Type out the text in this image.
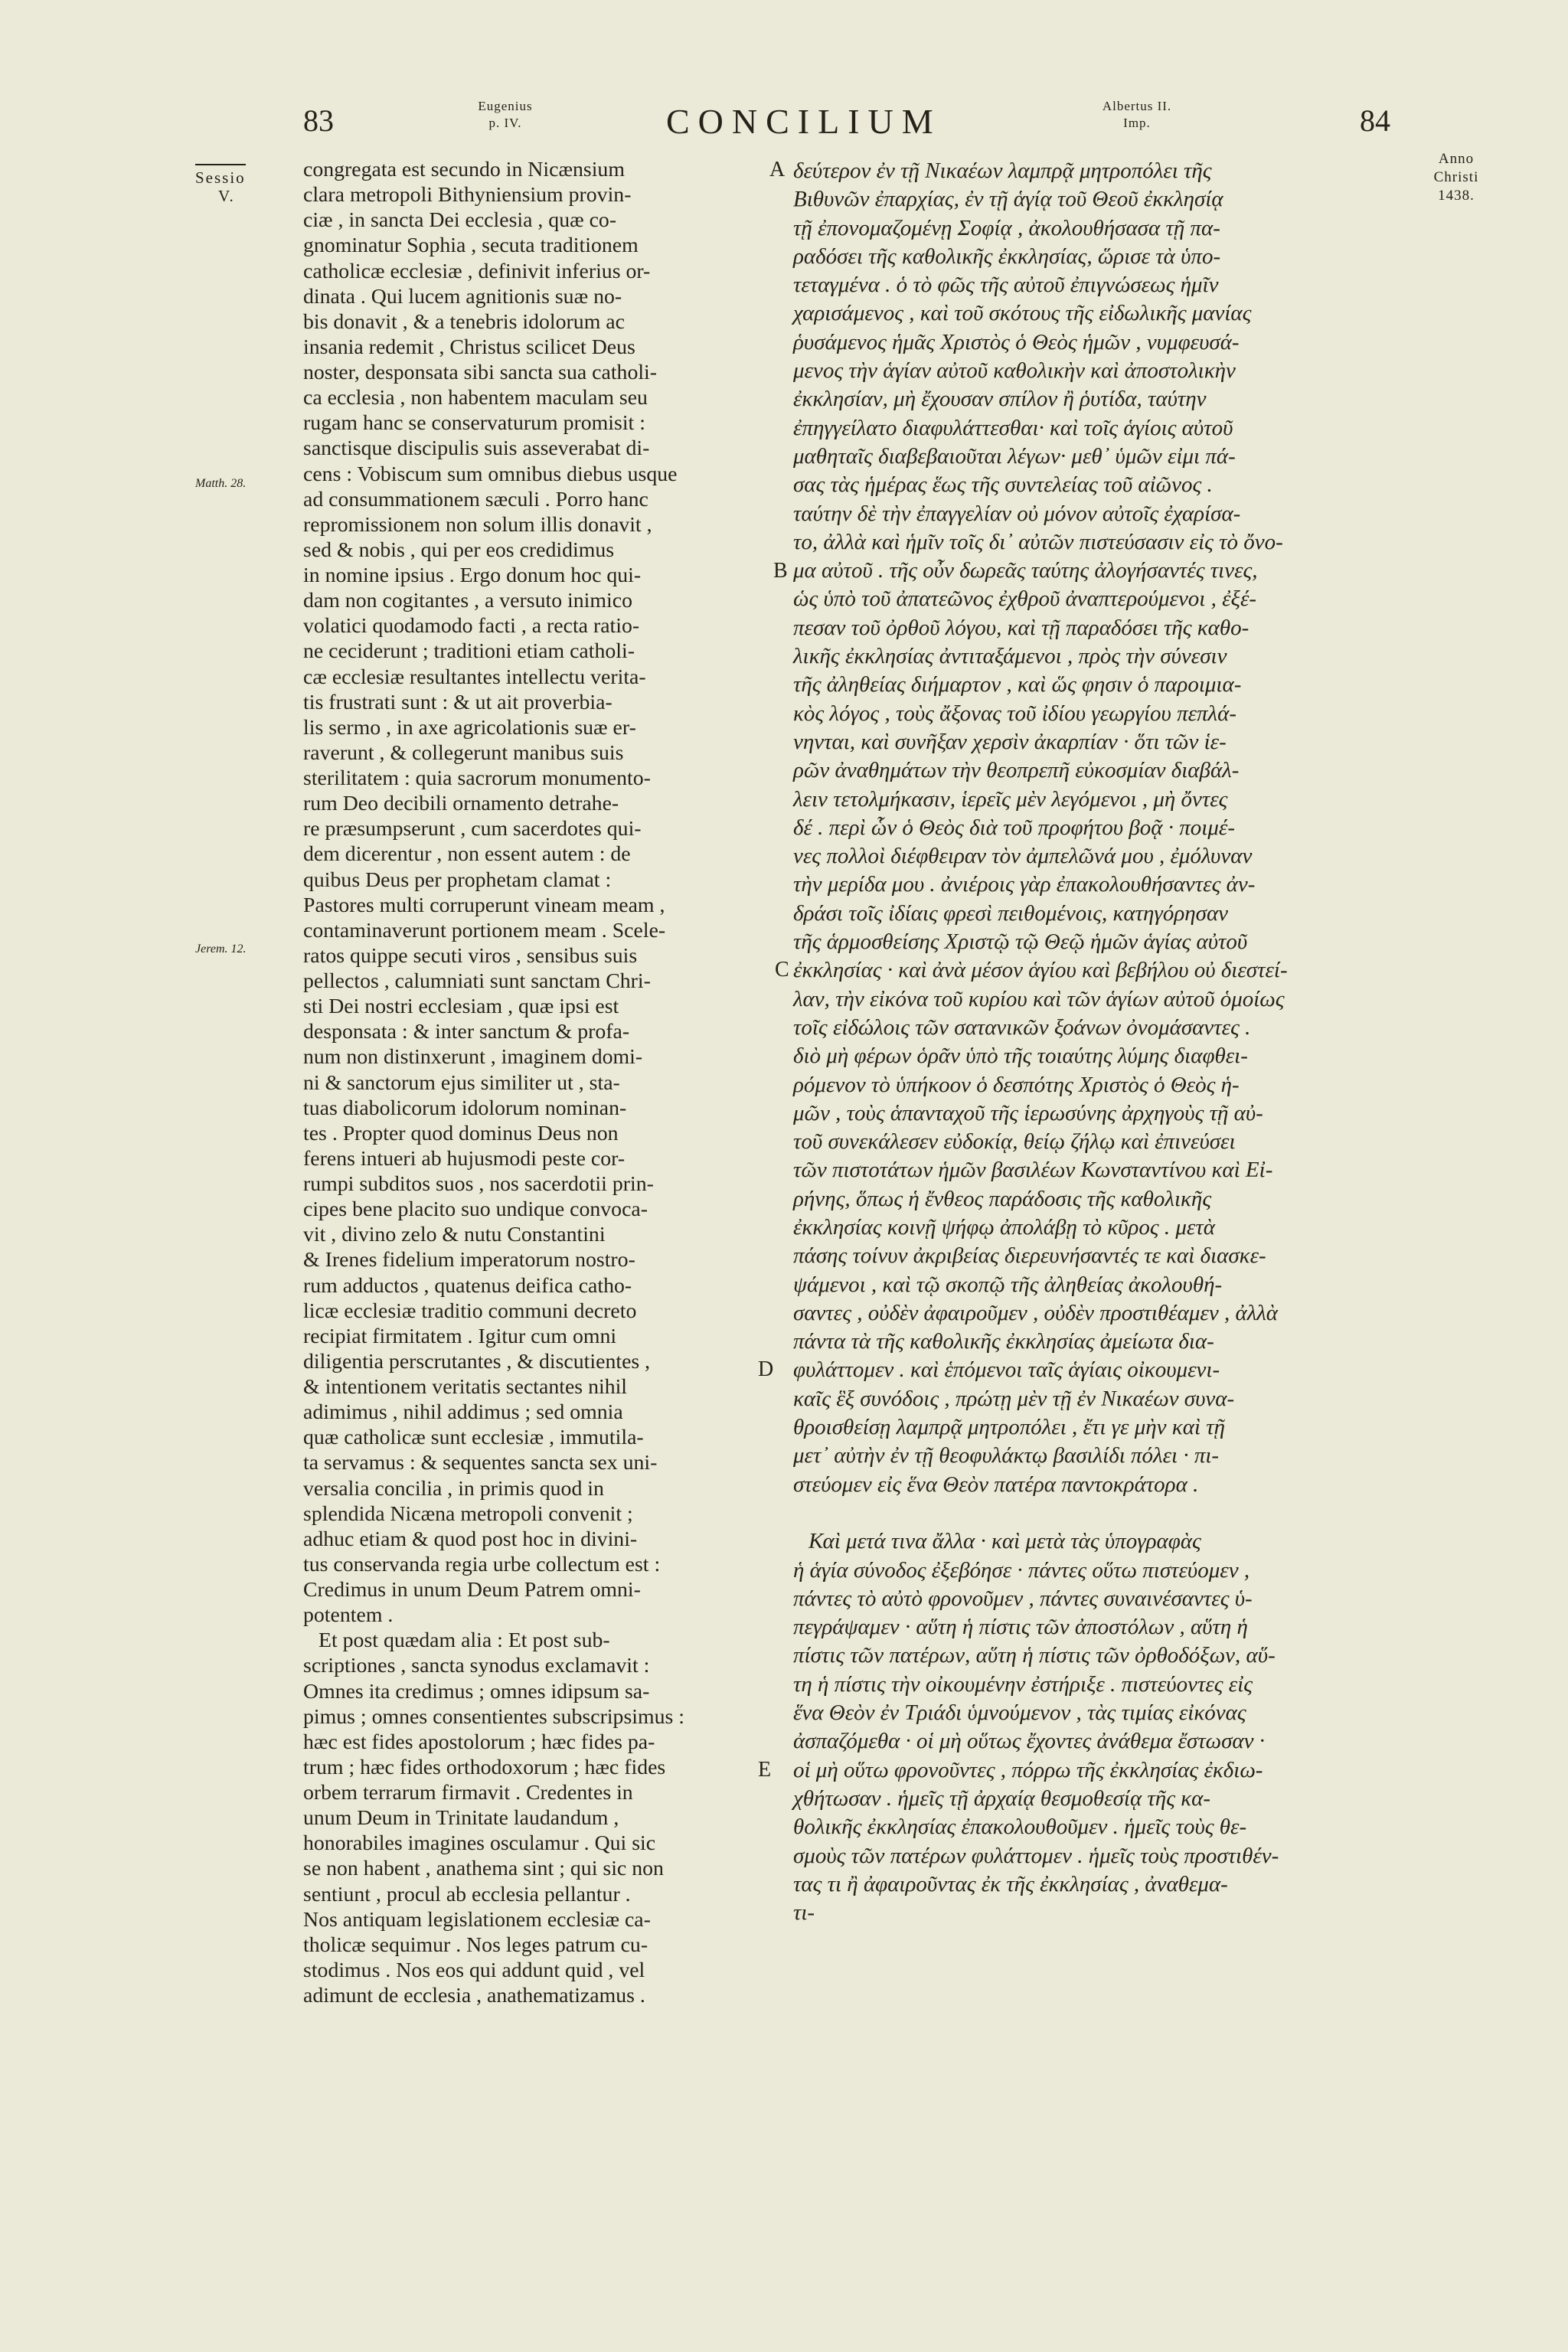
83	Eugenius
p. IV.	CONCILIUM	Albertus II.
Imp.	84
Sessio
V.
Matth. 28.
Jerem. 12.
Anno
Christi
1438.
A
B
C
D
E
congregata est secundo in Nicænsium
clara metropoli Bithyniensium provin-
ciæ , in sancta Dei ecclesia , quæ co-
gnominatur Sophia , secuta traditionem
catholicæ ecclesiæ , definivit inferius or-
dinata . Qui lucem agnitionis suæ no-
bis donavit , & a tenebris idolorum ac
insania redemit , Christus scilicet Deus
noster, desponsata sibi sancta sua catholi-
ca ecclesia , non habentem maculam seu
rugam hanc se conservaturum promisit :
sanctisque discipulis suis asseverabat di-
cens : Vobiscum sum omnibus diebus usque
ad consummationem sæculi . Porro hanc
repromissionem non solum illis donavit ,
sed & nobis , qui per eos credidimus
in nomine ipsius . Ergo donum hoc qui-
dam non cogitantes , a versuto inimico
volatici quodamodo facti , a recta ratio-
ne ceciderunt ; traditioni etiam catholi-
cæ ecclesiæ resultantes intellectu verita-
tis frustrati sunt : & ut ait proverbia-
lis sermo , in axe agricolationis suæ er-
raverunt , & collegerunt manibus suis
sterilitatem : quia sacrorum monumento-
rum Deo decibili ornamento detrahe-
re præsumpserunt , cum sacerdotes qui-
dem dicerentur , non essent autem : de
quibus Deus per prophetam clamat :
Pastores multi corruperunt vineam meam ,
contaminaverunt portionem meam . Scele-
ratos quippe secuti viros , sensibus suis
pellectos , calumniati sunt sanctam Chri-
sti Dei nostri ecclesiam , quæ ipsi est
desponsata : & inter sanctum & profa-
num non distinxerunt , imaginem domi-
ni & sanctorum ejus similiter ut , sta-
tuas diabolicorum idolorum nominan-
tes . Propter quod dominus Deus non
ferens intueri ab hujusmodi peste cor-
rumpi subditos suos , nos sacerdotii prin-
cipes bene placito suo undique convoca-
vit , divino zelo & nutu Constantini
& Irenes fidelium imperatorum nostro-
rum adductos , quatenus deifica catho-
licæ ecclesiæ traditio communi decreto
recipiat firmitatem . Igitur cum omni
diligentia perscrutantes , & discutientes ,
& intentionem veritatis sectantes nihil
adimimus , nihil addimus ; sed omnia
quæ catholicæ sunt ecclesiæ , immutila-
ta servamus : & sequentes sancta sex uni-
versalia concilia , in primis quod in
splendida Nicæna metropoli convenit ;
adhuc etiam & quod post hoc in divini-
tus conservanda regia urbe collectum est :
Credimus in unum Deum Patrem omni-
potentem .
Et post quædam alia : Et post sub-
scriptiones , sancta synodus exclamavit :
Omnes ita credimus ; omnes idipsum sa-
pimus ; omnes consentientes subscripsimus :
hæc est fides apostolorum ; hæc fides pa-
trum ; hæc fides orthodoxorum ; hæc fides
orbem terrarum firmavit . Credentes in
unum Deum in Trinitate laudandum ,
honorabiles imagines osculamur . Qui sic
se non habent , anathema sint ; qui sic non
sentiunt , procul ab ecclesia pellantur .
Nos antiquam legislationem ecclesiæ ca-
tholicæ sequimur . Nos leges patrum cu-
stodimus . Nos eos qui addunt quid , vel
adimunt de ecclesia , anathematizamus .
δεύτερον ἐν τῇ Νικαέων λαμπρᾷ μητροπόλει τῆς
Βιθυνῶν ἐπαρχίας, ἐν τῇ ἁγίᾳ τοῦ Θεοῦ ἐκκλησίᾳ
τῇ ἐπονομαζομένῃ Σοφίᾳ , ἀκολουθήσασα τῇ πα-
ραδόσει τῆς καθολικῆς ἐκκλησίας, ὥρισε τὰ ὑπο-
τεταγμένα . ὁ τὸ φῶς τῆς αὐτοῦ ἐπιγνώσεως ἡμῖν
χαρισάμενος , καὶ τοῦ σκότους τῆς εἰδωλικῆς μανίας
ῥυσάμενος ἡμᾶς Χριστὸς ὁ Θεὸς ἡμῶν , νυμφευσά-
μενος τὴν ἁγίαν αὐτοῦ καθολικὴν καὶ ἀποστολικὴν
ἐκκλησίαν, μὴ ἔχουσαν σπίλον ἢ ῥυτίδα, ταύτην
ἐπηγγείλατο διαφυλάττεσθαι· καὶ τοῖς ἁγίοις αὐτοῦ
μαθηταῖς διαβεβαιοῦται λέγων· μεθ᾽ ὑμῶν εἰμι πά-
σας τὰς ἡμέρας ἕως τῆς συντελείας τοῦ αἰῶνος .
ταύτην δὲ τὴν ἐπαγγελίαν οὐ μόνον αὐτοῖς ἐχαρίσα-
το, ἀλλὰ καὶ ἡμῖν τοῖς δι᾽ αὐτῶν πιστεύσασιν εἰς τὸ ὄνο-
μα αὐτοῦ . τῆς οὖν δωρεᾶς ταύτης ἀλογήσαντές τινες,
ὡς ὑπὸ τοῦ ἀπατεῶνος ἐχθροῦ ἀναπτερούμενοι , ἐξέ-
πεσαν τοῦ ὀρθοῦ λόγου, καὶ τῇ παραδόσει τῆς καθο-
λικῆς ἐκκλησίας ἀντιταξάμενοι , πρὸς τὴν σύνεσιν
τῆς ἀληθείας διήμαρτον , καὶ ὥς φησιν ὁ παροιμια-
κὸς λόγος , τοὺς ἄξονας τοῦ ἰδίου γεωργίου πεπλά-
νηνται, καὶ συνῆξαν χερσὶν ἀκαρπίαν · ὅτι τῶν ἱε-
ρῶν ἀναθημάτων τὴν θεοπρεπῆ εὐκοσμίαν διαβάλ-
λειν τετολμήκασιν, ἱερεῖς μὲν λεγόμενοι , μὴ ὄντες
δέ . περὶ ὧν ὁ Θεὸς διὰ τοῦ προφήτου βοᾷ · ποιμέ-
νες πολλοὶ διέφθειραν τὸν ἀμπελῶνά μου , ἐμόλυναν
τὴν μερίδα μου . ἀνιέροις γὰρ ἐπακολουθήσαντες ἀν-
δράσι τοῖς ἰδίαις φρεσὶ πειθομένοις, κατηγόρησαν
τῆς ἁρμοσθείσης Χριστῷ τῷ Θεῷ ἡμῶν ἁγίας αὐτοῦ
ἐκκλησίας · καὶ ἀνὰ μέσον ἁγίου καὶ βεβήλου οὐ διεστεί-
λαν, τὴν εἰκόνα τοῦ κυρίου καὶ τῶν ἁγίων αὐτοῦ ὁμοίως
τοῖς εἰδώλοις τῶν σατανικῶν ξοάνων ὀνομάσαντες .
διὸ μὴ φέρων ὁρᾶν ὑπὸ τῆς τοιαύτης λύμης διαφθει-
ρόμενον τὸ ὑπήκοον ὁ δεσπότης Χριστὸς ὁ Θεὸς ἡ-
μῶν , τοὺς ἁπανταχοῦ τῆς ἱερωσύνης ἀρχηγοὺς τῇ αὐ-
τοῦ συνεκάλεσεν εὐδοκίᾳ, θείῳ ζήλῳ καὶ ἐπινεύσει
τῶν πιστοτάτων ἡμῶν βασιλέων Κωνσταντίνου καὶ Εἰ-
ρήνης, ὅπως ἡ ἔνθεος παράδοσις τῆς καθολικῆς
ἐκκλησίας κοινῇ ψήφῳ ἀπολάβῃ τὸ κῦρος . μετὰ
πάσης τοίνυν ἀκριβείας διερευνήσαντές τε καὶ διασκε-
ψάμενοι , καὶ τῷ σκοπῷ τῆς ἀληθείας ἀκολουθή-
σαντες , οὐδὲν ἀφαιροῦμεν , οὐδὲν προστιθέαμεν , ἀλλὰ
πάντα τὰ τῆς καθολικῆς ἐκκλησίας ἀμείωτα δια-
φυλάττομεν . καὶ ἑπόμενοι ταῖς ἁγίαις οἰκουμενι-
καῖς ἓξ συνόδοις , πρώτῃ μὲν τῇ ἐν Νικαέων συνα-
θροισθείσῃ λαμπρᾷ μητροπόλει , ἔτι γε μὴν καὶ τῇ
μετ᾽ αὐτὴν ἐν τῇ θεοφυλάκτῳ βασιλίδι πόλει · πι-
στεύομεν εἰς ἕνα Θεὸν πατέρα παντοκράτορα .

Καὶ μετά τινα ἄλλα · καὶ μετὰ τὰς ὑπογραφὰς
ἡ ἁγία σύνοδος ἐξεβόησε · πάντες οὕτω πιστεύομεν ,
πάντες τὸ αὐτὸ φρονοῦμεν , πάντες συναινέσαντες ὑ-
πεγράψαμεν · αὕτη ἡ πίστις τῶν ἀποστόλων , αὕτη ἡ
πίστις τῶν πατέρων, αὕτη ἡ πίστις τῶν ὀρθοδόξων, αὕ-
τη ἡ πίστις τὴν οἰκουμένην ἐστήριξε . πιστεύοντες εἰς
ἕνα Θεὸν ἐν Τριάδι ὑμνούμενον , τὰς τιμίας εἰκόνας
ἀσπαζόμεθα · οἱ μὴ οὕτως ἔχοντες ἀνάθεμα ἔστωσαν ·
οἱ μὴ οὕτω φρονοῦντες , πόρρω τῆς ἐκκλησίας ἐκδιω-
χθήτωσαν . ἡμεῖς τῇ ἀρχαίᾳ θεσμοθεσίᾳ τῆς κα-
θολικῆς ἐκκλησίας ἐπακολουθοῦμεν . ἡμεῖς τοὺς θε-
σμοὺς τῶν πατέρων φυλάττομεν . ἡμεῖς τοὺς προστιθέν-
τας τι ἢ ἀφαιροῦντας ἐκ τῆς ἐκκλησίας , ἀναθεμα-
τι-
